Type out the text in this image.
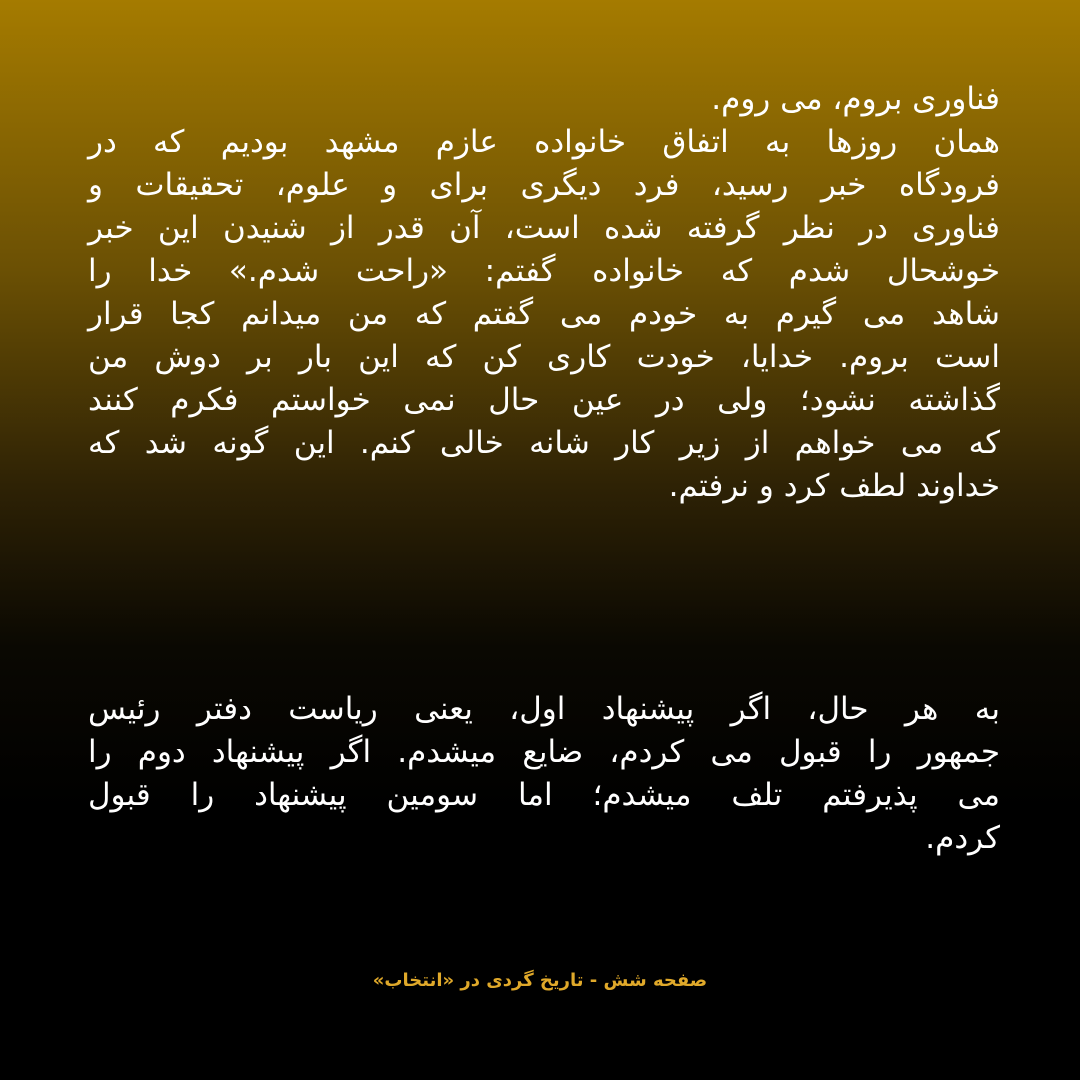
فناوری بروم، می روم.
همان روزها به اتفاق خانواده عازم مشهد بودیم که در
فرودگاه خبر رسید، فرد دیگری برای و علوم، تحقیقات و
فناوری در نظر گرفته شده است، آن قدر از شنیدن این خبر
خوشحال شدم که خانواده گفتم: «راحت شدم.» خدا را
شاهد می گیرم به خودم می گفتم که من میدانم کجا قرار
است بروم. خدایا، خودت کاری کن که این بار بر دوش من
گذاشته نشود؛ ولی در عین حال نمی خواستم فکرم کنند
که می خواهم از زیر کار شانه خالی کنم. این گونه شد که
خداوند لطف کرد و نرفتم.
به هر حال، اگر پیشنهاد اول، یعنی ریاست دفتر رئیس
جمهور را قبول می کردم، ضایع میشدم. اگر پیشنهاد دوم را
می پذیرفتم تلف میشدم؛ اما سومین پیشنهاد را قبول
کردم.
صفحه شش - تاریخ گردی در «انتخاب»
